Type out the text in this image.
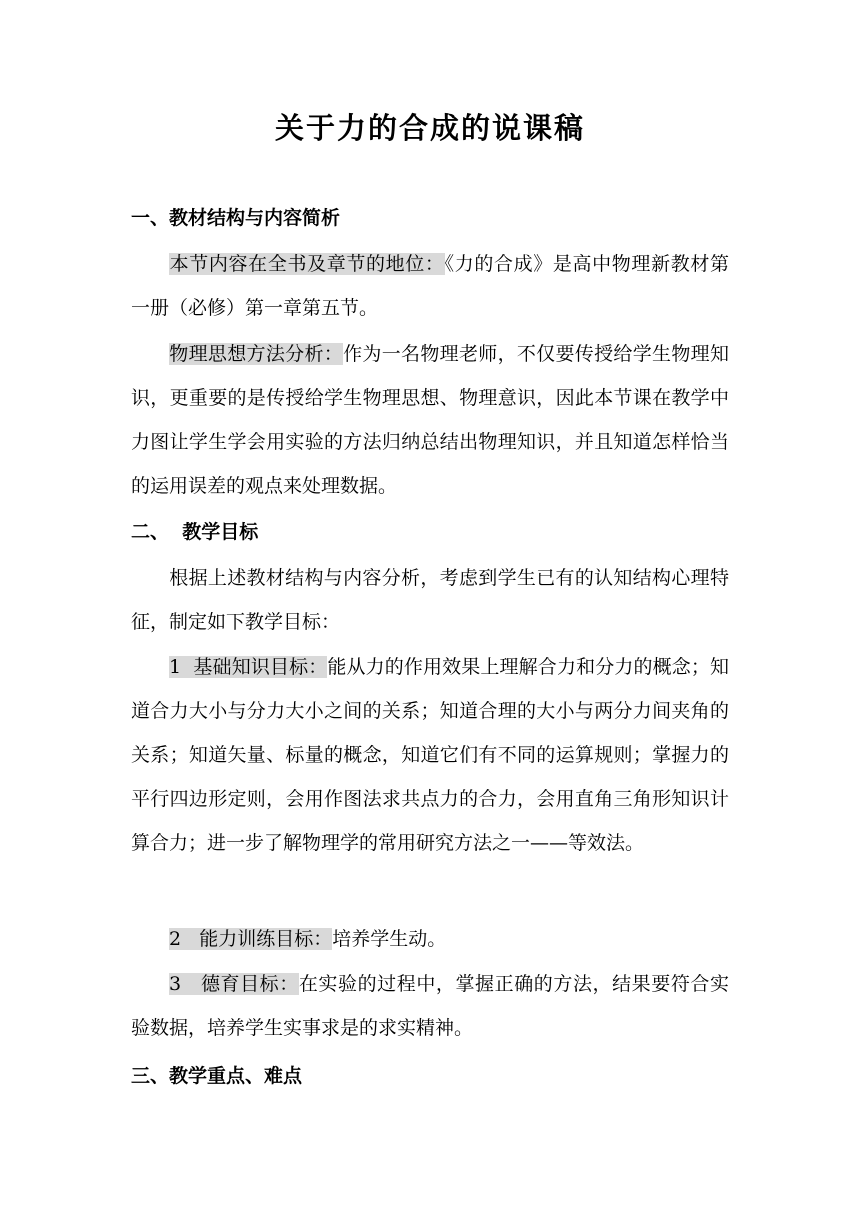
关于力的合成的说课稿
一、教材结构与内容简析
本节内容在全书及章节的地位：《力的合成》是高中物理新教材第一册（必修）第一章第五节。
物理思想方法分析：作为一名物理老师，不仅要传授给学生物理知识，更重要的是传授给学生物理思想、物理意识，因此本节课在教学中力图让学生学会用实验的方法归纳总结出物理知识，并且知道怎样恰当的运用误差的观点来处理数据。
二、  教学目标
根据上述教材结构与内容分析，考虑到学生已有的认知结构心理特征，制定如下教学目标：
1  基础知识目标：能从力的作用效果上理解合力和分力的概念；知道合力大小与分力大小之间的关系；知道合理的大小与两分力间夹角的关系；知道矢量、标量的概念，知道它们有不同的运算规则；掌握力的平行四边形定则，会用作图法求共点力的合力，会用直角三角形知识计算合力；进一步了解物理学的常用研究方法之一——等效法。
2   能力训练目标：培养学生动。
3   德育目标：在实验的过程中，掌握正确的方法，结果要符合实验数据，培养学生实事求是的求实精神。
三、教学重点、难点
